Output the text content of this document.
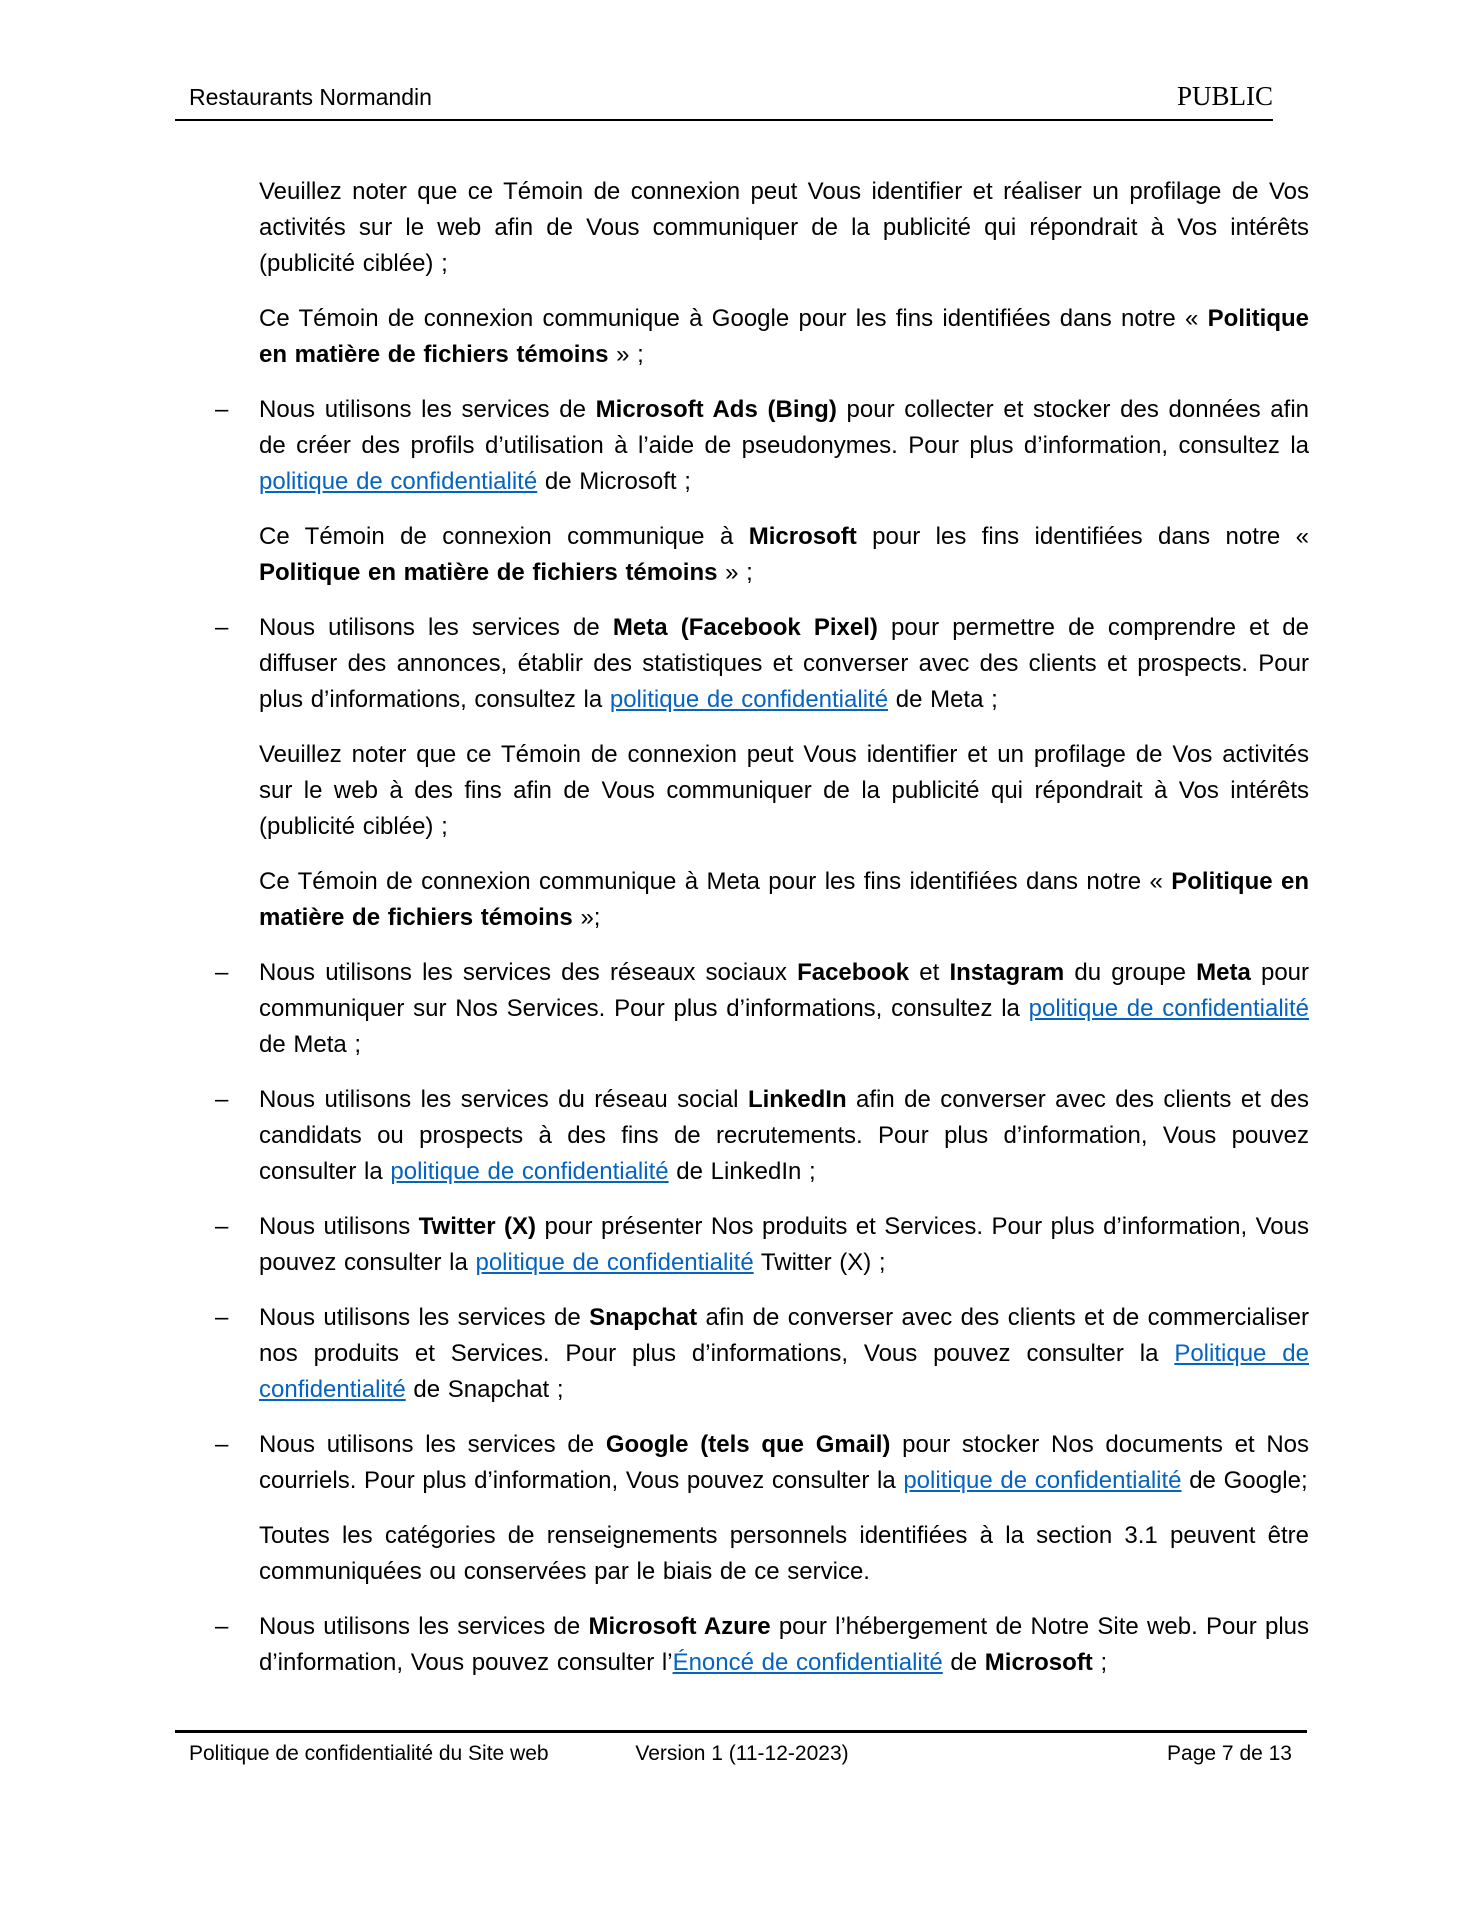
Restaurants Normandin	PUBLIC

Veuillez noter que ce Témoin de connexion peut Vous identifier et réaliser un profilage de Vos activités sur le web afin de Vous communiquer de la publicité qui répondrait à Vos intérêts (publicité ciblée) ;

Ce Témoin de connexion communique à Google pour les fins identifiées dans notre « Politique en matière de fichiers témoins » ;

– Nous utilisons les services de Microsoft Ads (Bing) pour collecter et stocker des données afin de créer des profils d’utilisation à l’aide de pseudonymes. Pour plus d’information, consultez la politique de confidentialité de Microsoft ;

Ce Témoin de connexion communique à Microsoft pour les fins identifiées dans notre « Politique en matière de fichiers témoins » ;

– Nous utilisons les services de Meta (Facebook Pixel) pour permettre de comprendre et de diffuser des annonces, établir des statistiques et converser avec des clients et prospects. Pour plus d’informations, consultez la politique de confidentialité de Meta ;

Veuillez noter que ce Témoin de connexion peut Vous identifier et un profilage de Vos activités sur le web à des fins afin de Vous communiquer de la publicité qui répondrait à Vos intérêts (publicité ciblée) ;

Ce Témoin de connexion communique à Meta pour les fins identifiées dans notre « Politique en matière de fichiers témoins »;

– Nous utilisons les services des réseaux sociaux Facebook et Instagram du groupe Meta pour communiquer sur Nos Services. Pour plus d’informations, consultez la politique de confidentialité de Meta ;

– Nous utilisons les services du réseau social LinkedIn afin de converser avec des clients et des candidats ou prospects à des fins de recrutements. Pour plus d’information, Vous pouvez consulter la politique de confidentialité de LinkedIn ;

– Nous utilisons Twitter (X) pour présenter Nos produits et Services. Pour plus d’information, Vous pouvez consulter la politique de confidentialité Twitter (X) ;

– Nous utilisons les services de Snapchat afin de converser avec des clients et de commercialiser nos produits et Services. Pour plus d’informations, Vous pouvez consulter la Politique de confidentialité de Snapchat ;

– Nous utilisons les services de Google (tels que Gmail) pour stocker Nos documents et Nos courriels. Pour plus d’information, Vous pouvez consulter la politique de confidentialité de Google;

Toutes les catégories de renseignements personnels identifiées à la section 3.1 peuvent être communiquées ou conservées par le biais de ce service.

– Nous utilisons les services de Microsoft Azure pour l’hébergement de Notre Site web. Pour plus d’information, Vous pouvez consulter l’Énoncé de confidentialité de Microsoft ;

Politique de confidentialité du Site web	Version 1 (11-12-2023)	Page 7 de 13
